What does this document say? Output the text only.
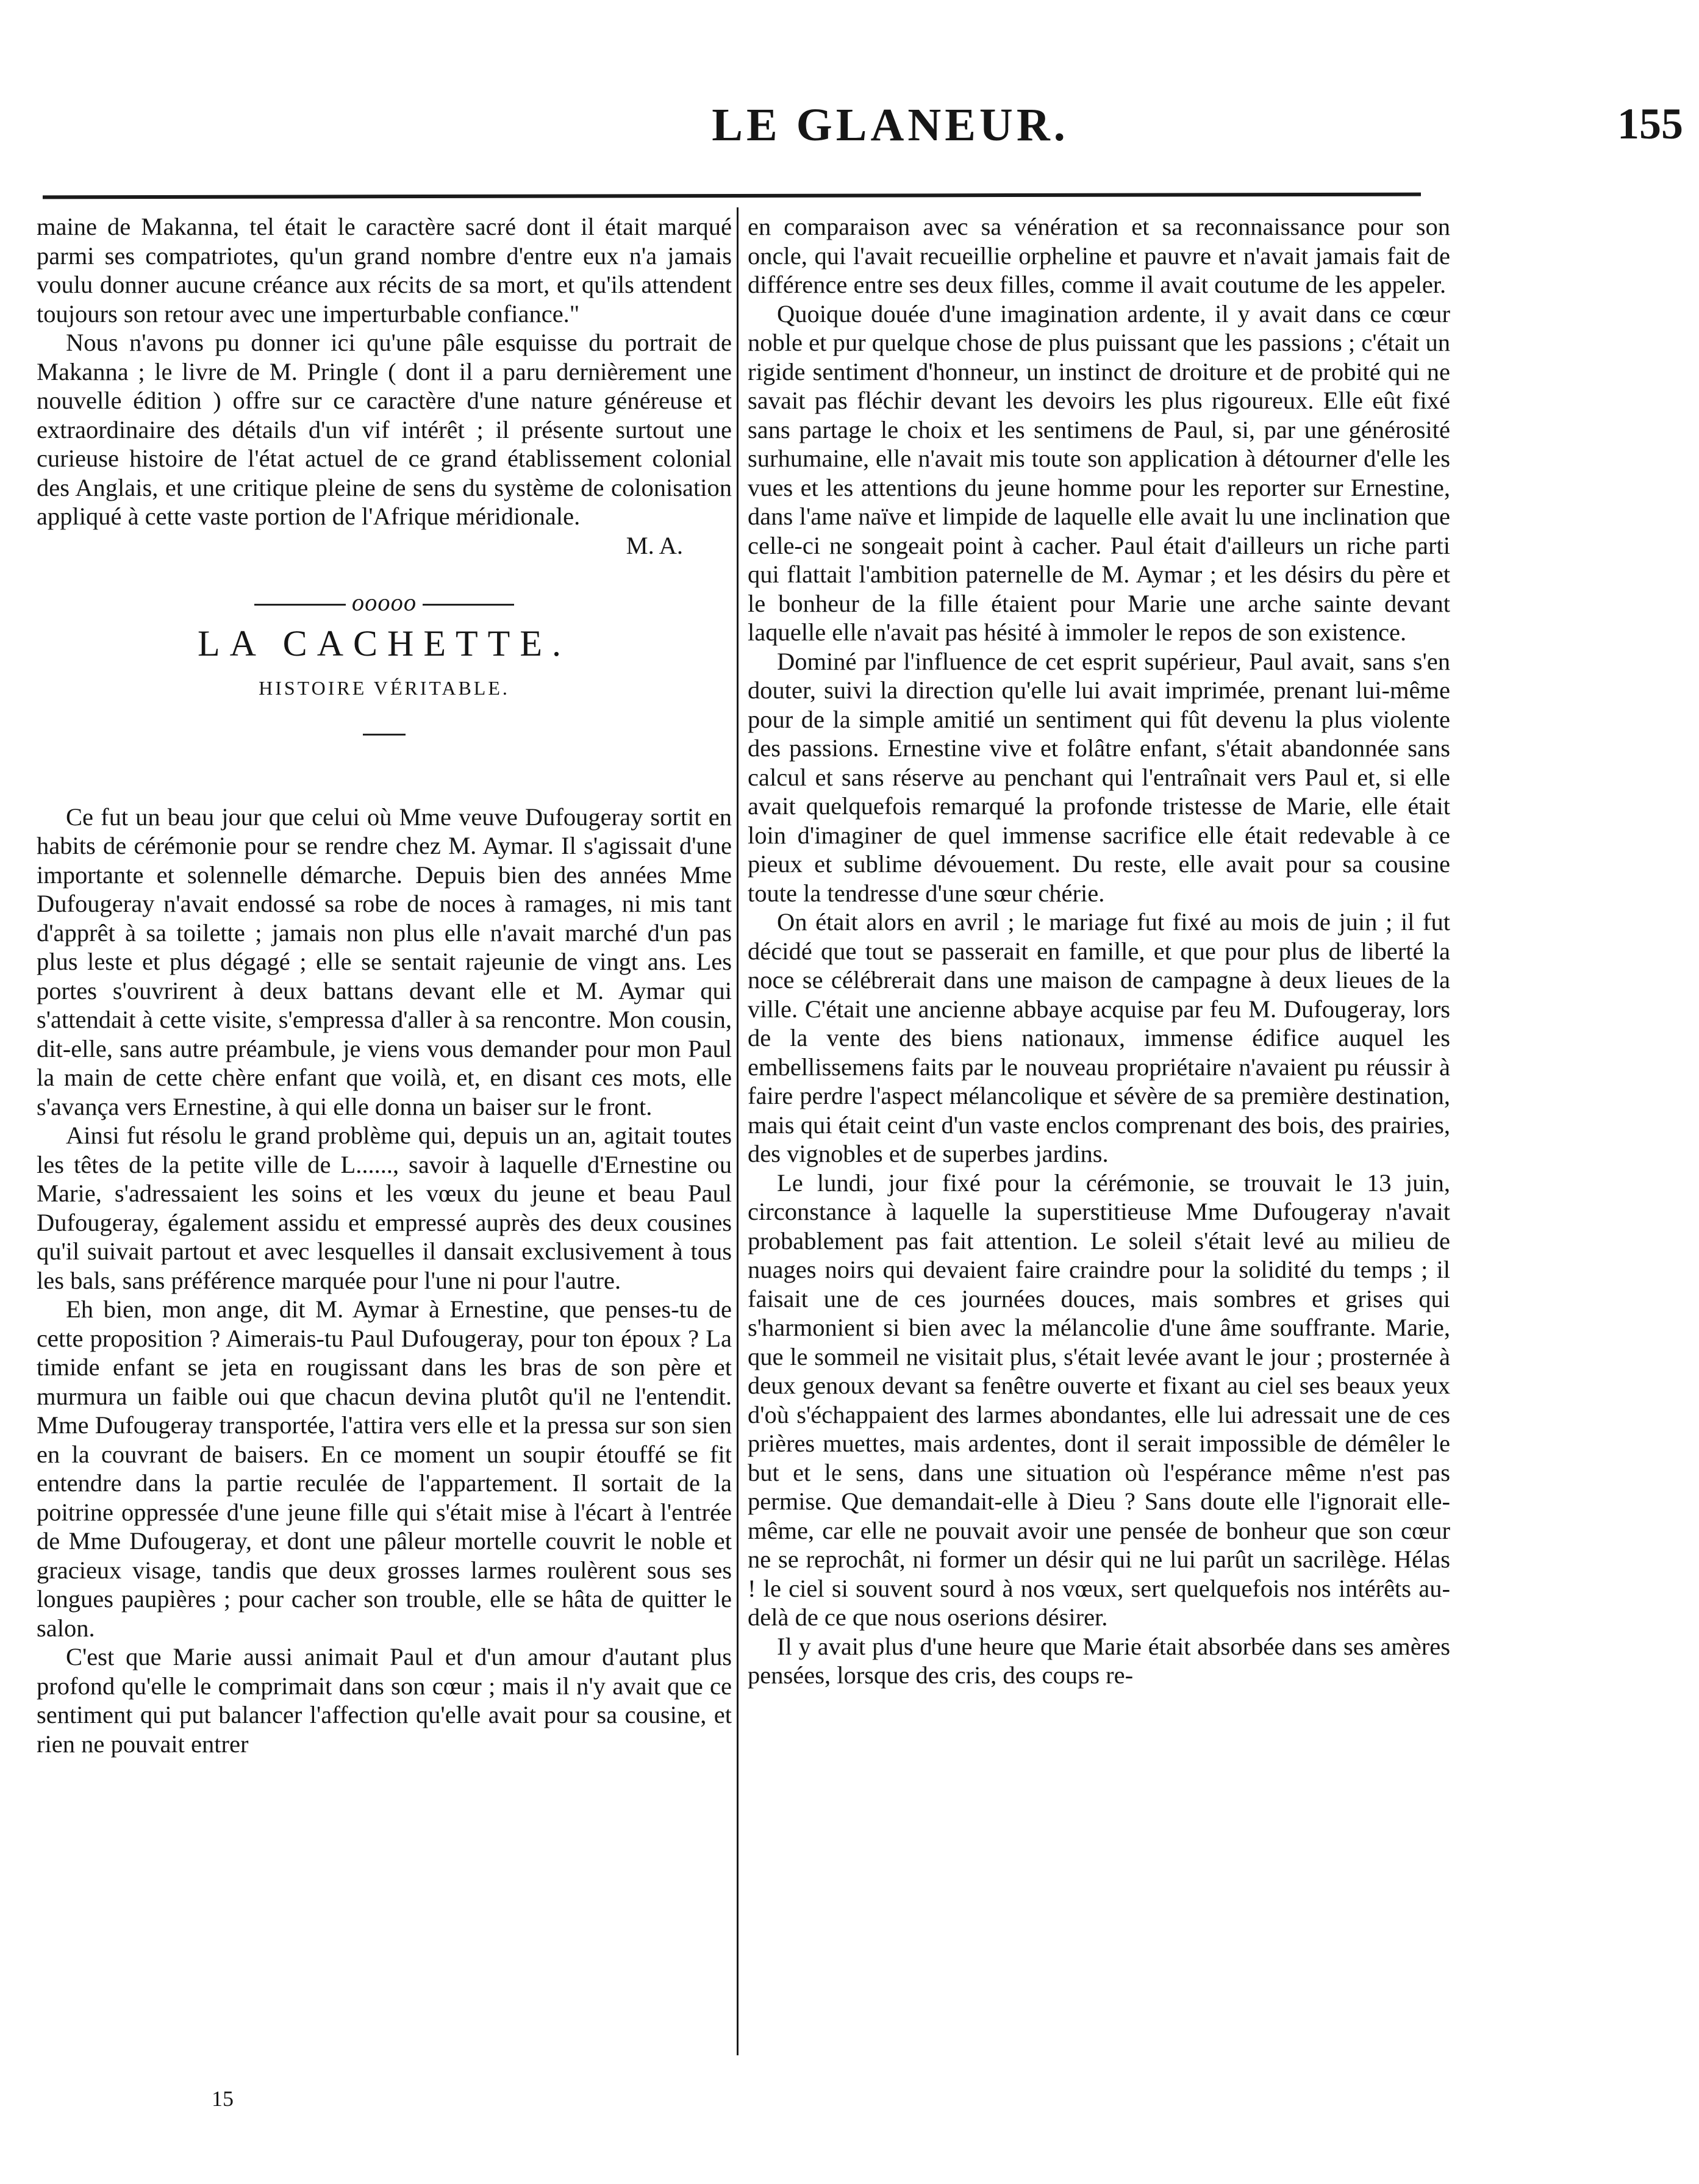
LE GLANEUR.	155

maine de Makanna, tel était le caractère sacré dont il était marqué parmi ses compatriotes, qu'un grand nombre d'entre eux n'a jamais voulu donner aucune créance aux récits de sa mort, et qu'ils attendent toujours son retour avec une imperturbable confiance."

Nous n'avons pu donner ici qu'une pâle esquisse du portrait de Makanna ; le livre de M. Pringle ( dont il a paru dernièrement une nouvelle édition ) offre sur ce caractère d'une nature généreuse et extraordinaire des détails d'un vif intérêt ; il présente surtout une curieuse histoire de l'état actuel de ce grand établissement colonial des Anglais, et une critique pleine de sens du système de colonisation appliqué à cette vaste portion de l'Afrique méridionale.

M. A.

ooooo
LA CACHETTE.
HISTOIRE VÉRITABLE.

Ce fut un beau jour que celui où Mme veuve Dufougeray sortit en habits de cérémonie pour se rendre chez M. Aymar. Il s'agissait d'une importante et solennelle démarche. Depuis bien des années Mme Dufougeray n'avait endossé sa robe de noces à ramages, ni mis tant d'apprêt à sa toilette ; jamais non plus elle n'avait marché d'un pas plus leste et plus dégagé ; elle se sentait rajeunie de vingt ans. Les portes s'ouvrirent à deux battans devant elle et M. Aymar qui s'attendait à cette visite, s'empressa d'aller à sa rencontre. Mon cousin, dit-elle, sans autre préambule, je viens vous demander pour mon Paul la main de cette chère enfant que voilà, et, en disant ces mots, elle s'avança vers Ernestine, à qui elle donna un baiser sur le front.

Ainsi fut résolu le grand problème qui, depuis un an, agitait toutes les têtes de la petite ville de L......, savoir à laquelle d'Ernestine ou Marie, s'adressaient les soins et les vœux du jeune et beau Paul Dufougeray, également assidu et empressé auprès des deux cousines qu'il suivait partout et avec lesquelles il dansait exclusivement à tous les bals, sans préférence marquée pour l'une ni pour l'autre.

Eh bien, mon ange, dit M. Aymar à Ernestine, que penses-tu de cette proposition ? Aimerais-tu Paul Dufougeray, pour ton époux ? La timide enfant se jeta en rougissant dans les bras de son père et murmura un faible oui que chacun devina plutôt qu'il ne l'entendit. Mme Dufougeray transportée, l'attira vers elle et la pressa sur son sien en la couvrant de baisers. En ce moment un soupir étouffé se fit entendre dans la partie reculée de l'appartement. Il sortait de la poitrine oppressée d'une jeune fille qui s'était mise à l'écart à l'entrée de Mme Dufougeray, et dont une pâleur mortelle couvrit le noble et gracieux visage, tandis que deux grosses larmes roulèrent sous ses longues paupières ; pour cacher son trouble, elle se hâta de quitter le salon.

C'est que Marie aussi animait Paul et d'un amour d'autant plus profond qu'elle le comprimait dans son cœur ; mais il n'y avait que ce sentiment qui put balancer l'affection qu'elle avait pour sa cousine, et rien ne pouvait entrer

en comparaison avec sa vénération et sa reconnaissance pour son oncle, qui l'avait recueillie orpheline et pauvre et n'avait jamais fait de différence entre ses deux filles, comme il avait coutume de les appeler.

Quoique douée d'une imagination ardente, il y avait dans ce cœur noble et pur quelque chose de plus puissant que les passions ; c'était un rigide sentiment d'honneur, un instinct de droiture et de probité qui ne savait pas fléchir devant les devoirs les plus rigoureux. Elle eût fixé sans partage le choix et les sentimens de Paul, si, par une générosité surhumaine, elle n'avait mis toute son application à détourner d'elle les vues et les attentions du jeune homme pour les reporter sur Ernestine, dans l'ame naïve et limpide de laquelle elle avait lu une inclination que celle-ci ne songeait point à cacher. Paul était d'ailleurs un riche parti qui flattait l'ambition paternelle de M. Aymar ; et les désirs du père et le bonheur de la fille étaient pour Marie une arche sainte devant laquelle elle n'avait pas hésité à immoler le repos de son existence.

Dominé par l'influence de cet esprit supérieur, Paul avait, sans s'en douter, suivi la direction qu'elle lui avait imprimée, prenant lui-même pour de la simple amitié un sentiment qui fût devenu la plus violente des passions. Ernestine vive et folâtre enfant, s'était abandonnée sans calcul et sans réserve au penchant qui l'entraînait vers Paul et, si elle avait quelquefois remarqué la profonde tristesse de Marie, elle était loin d'imaginer de quel immense sacrifice elle était redevable à ce pieux et sublime dévouement. Du reste, elle avait pour sa cousine toute la tendresse d'une sœur chérie.

On était alors en avril ; le mariage fut fixé au mois de juin ; il fut décidé que tout se passerait en famille, et que pour plus de liberté la noce se célébrerait dans une maison de campagne à deux lieues de la ville. C'était une ancienne abbaye acquise par feu M. Dufougeray, lors de la vente des biens nationaux, immense édifice auquel les embellissemens faits par le nouveau propriétaire n'avaient pu réussir à faire perdre l'aspect mélancolique et sévère de sa première destination, mais qui était ceint d'un vaste enclos comprenant des bois, des prairies, des vignobles et de superbes jardins.

Le lundi, jour fixé pour la cérémonie, se trouvait le 13 juin, circonstance à laquelle la superstitieuse Mme Dufougeray n'avait probablement pas fait attention. Le soleil s'était levé au milieu de nuages noirs qui devaient faire craindre pour la solidité du temps ; il faisait une de ces journées douces, mais sombres et grises qui s'harmonient si bien avec la mélancolie d'une âme souffrante. Marie, que le sommeil ne visitait plus, s'était levée avant le jour ; prosternée à deux genoux devant sa fenêtre ouverte et fixant au ciel ses beaux yeux d'où s'échappaient des larmes abondantes, elle lui adressait une de ces prières muettes, mais ardentes, dont il serait impossible de démêler le but et le sens, dans une situation où l'espérance même n'est pas permise. Que demandait-elle à Dieu ? Sans doute elle l'ignorait elle-même, car elle ne pouvait avoir une pensée de bonheur que son cœur ne se reprochât, ni former un désir qui ne lui parût un sacrilège. Hélas ! le ciel si souvent sourd à nos vœux, sert quelquefois nos intérêts au-delà de ce que nous oserions désirer.

Il y avait plus d'une heure que Marie était absorbée dans ses amères pensées, lorsque des cris, des coups re-

15
